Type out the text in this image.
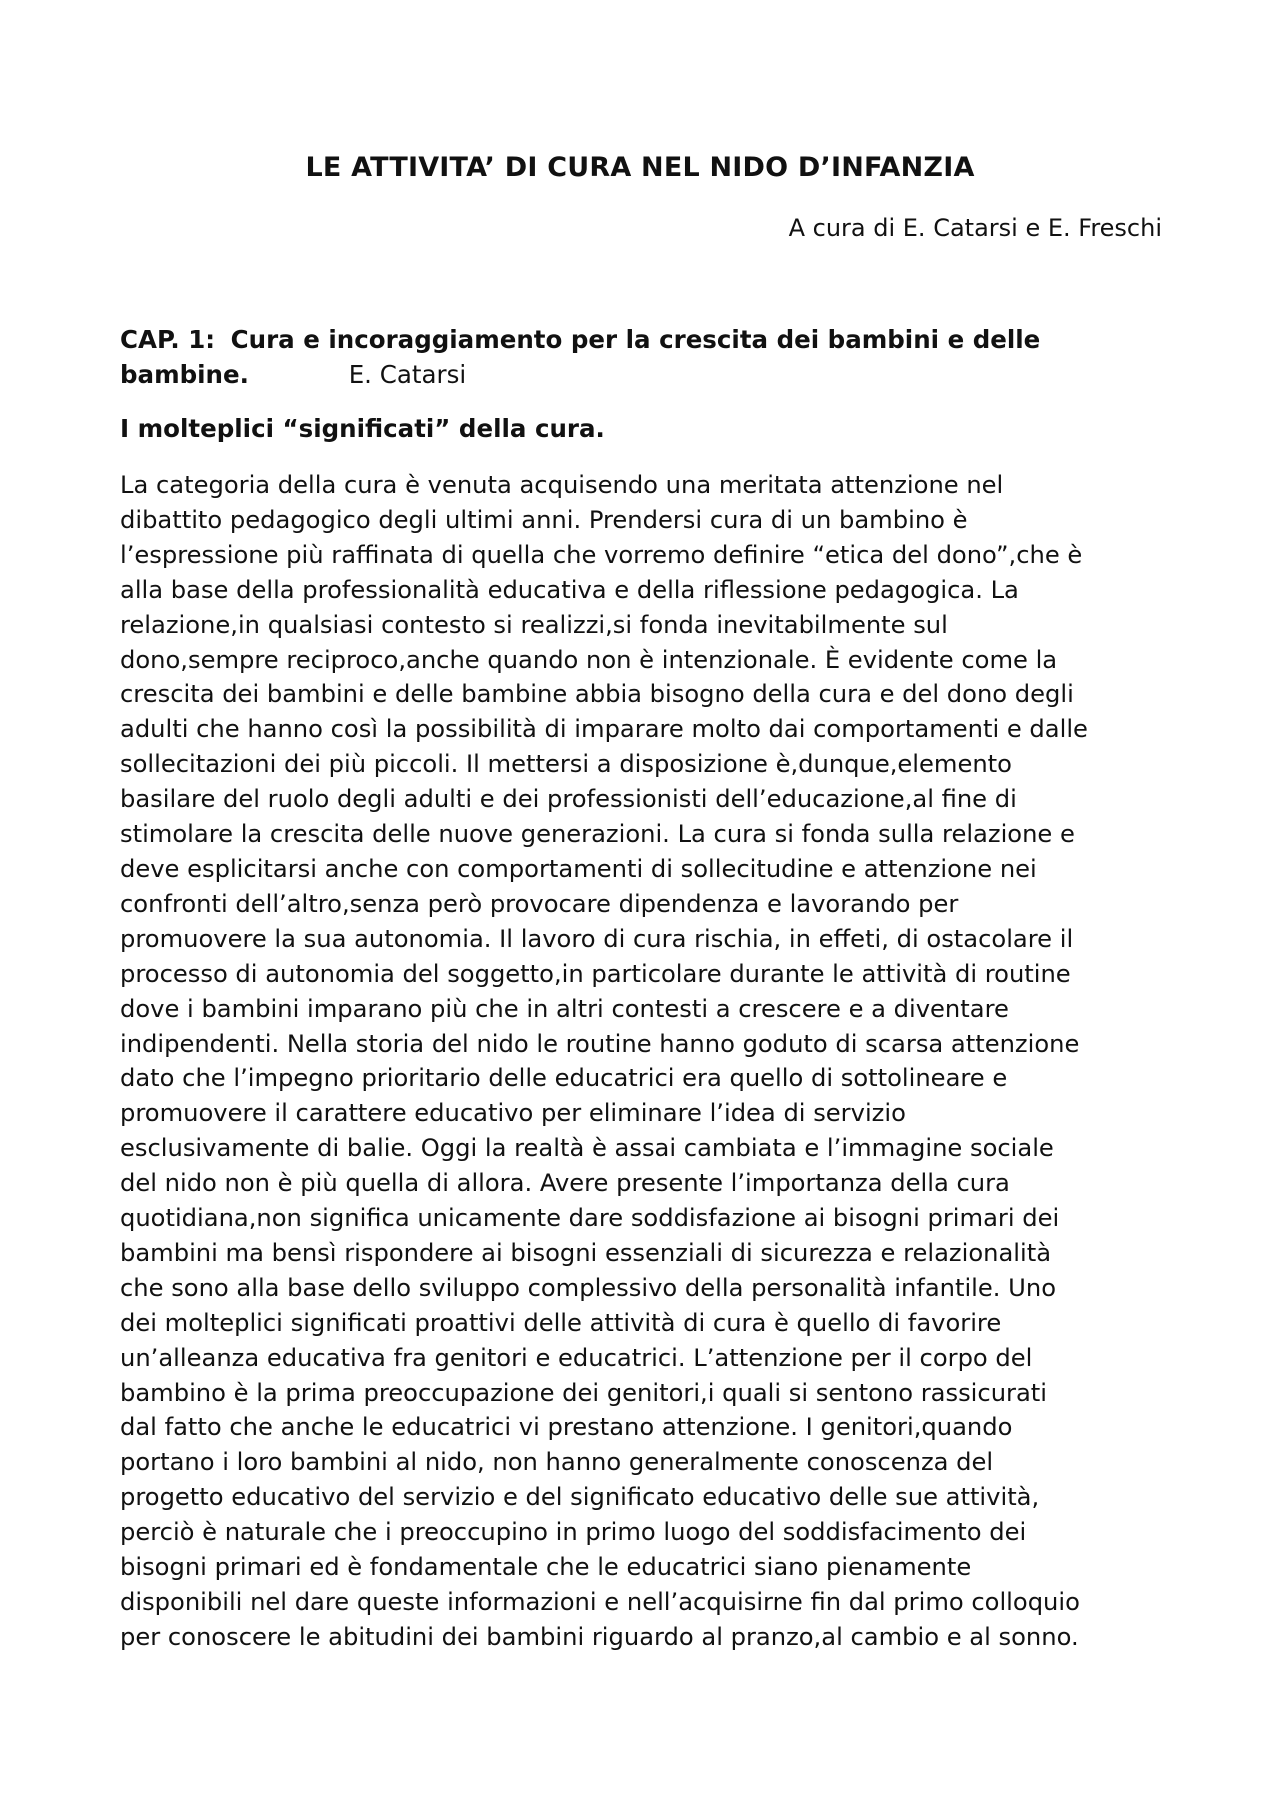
LE ATTIVITA’ DI CURA NEL NIDO D’INFANZIA

A cura di E. Catarsi e E. Freschi

CAP. 1: Cura e incoraggiamento per la crescita dei bambini e delle bambine.	E. Catarsi

I molteplici “significati” della cura.
La categoria della cura è venuta acquisendo una meritata attenzione nel
dibattito pedagogico degli ultimi anni. Prendersi cura di un bambino è
l’espressione più raffinata di quella che vorremo definire “etica del dono”,che è
alla base della professionalità educativa e della riflessione pedagogica. La
relazione,in qualsiasi contesto si realizzi,si fonda inevitabilmente sul
dono,sempre reciproco,anche quando non è intenzionale. È evidente come la
crescita dei bambini e delle bambine abbia bisogno della cura e del dono degli
adulti che hanno così la possibilità di imparare molto dai comportamenti e dalle
sollecitazioni dei più piccoli. Il mettersi a disposizione è,dunque,elemento
basilare del ruolo degli adulti e dei professionisti dell’educazione,al fine di
stimolare la crescita delle nuove generazioni. La cura si fonda sulla relazione e
deve esplicitarsi anche con comportamenti di sollecitudine e attenzione nei
confronti dell’altro,senza però provocare dipendenza e lavorando per
promuovere la sua autonomia. Il lavoro di cura rischia, in effeti, di ostacolare il
processo di autonomia del soggetto,in particolare durante le attività di routine
dove i bambini imparano più che in altri contesti a crescere e a diventare
indipendenti. Nella storia del nido le routine hanno goduto di scarsa attenzione
dato che l’impegno prioritario delle educatrici era quello di sottolineare e
promuovere il carattere educativo per eliminare l’idea di servizio
esclusivamente di balie. Oggi la realtà è assai cambiata e l’immagine sociale
del nido non è più quella di allora. Avere presente l’importanza della cura
quotidiana,non significa unicamente dare soddisfazione ai bisogni primari dei
bambini ma bensì rispondere ai bisogni essenziali di sicurezza e relazionalità
che sono alla base dello sviluppo complessivo della personalità infantile. Uno
dei molteplici significati proattivi delle attività di cura è quello di favorire
un’alleanza educativa fra genitori e educatrici. L’attenzione per il corpo del
bambino è la prima preoccupazione dei genitori,i quali si sentono rassicurati
dal fatto che anche le educatrici vi prestano attenzione. I genitori,quando
portano i loro bambini al nido, non hanno generalmente conoscenza del
progetto educativo del servizio e del significato educativo delle sue attività,
perciò è naturale che i preoccupino in primo luogo del soddisfacimento dei
bisogni primari ed è fondamentale che le educatrici siano pienamente
disponibili nel dare queste informazioni e nell’acquisirne fin dal primo colloquio
per conoscere le abitudini dei bambini riguardo al pranzo,al cambio e al sonno.
